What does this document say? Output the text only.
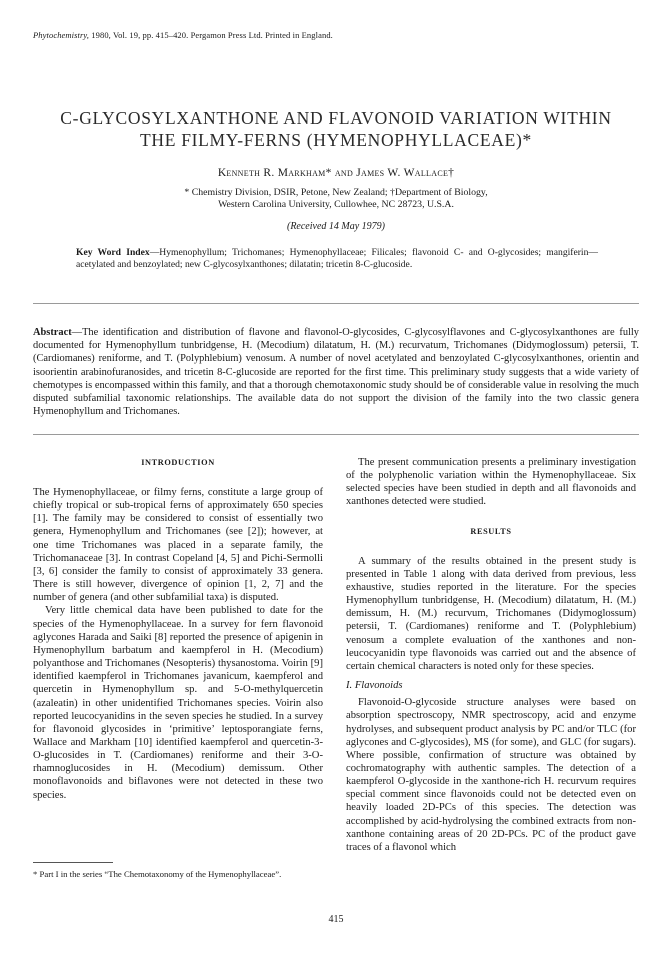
Phytochemistry, 1980, Vol. 19, pp. 415–420. Pergamon Press Ltd. Printed in England.
C-GLYCOSYLXANTHONE AND FLAVONOID VARIATION WITHIN
THE FILMY-FERNS (HYMENOPHYLLACEAE)*
Kenneth R. Markham* and James W. Wallace†
* Chemistry Division, DSIR, Petone, New Zealand; †Department of Biology,
Western Carolina University, Cullowhee, NC 28723, U.S.A.
(Received 14 May 1979)
Key Word Index—Hymenophyllum; Trichomanes; Hymenophyllaceae; Filicales; flavonoid C- and O-glycosides; mangiferin—acetylated and benzoylated; new C-glycosylxanthones; dilatatin; tricetin 8-C-glucoside.
Abstract—The identification and distribution of flavone and flavonol-O-glycosides, C-glycosylflavones and C-glycosylxanthones are fully documented for Hymenophyllum tunbridgense, H. (Mecodium) dilatatum, H. (M.) recurvatum, Trichomanes (Didymoglossum) petersii, T. (Cardiomanes) reniforme, and T. (Polyphlebium) venosum. A number of novel acetylated and benzoylated C-glycosylxanthones, orientin and isoorientin arabinofuranosides, and tricetin 8-C-glucoside are reported for the first time. This preliminary study suggests that a wide variety of chemotypes is encompassed within this family, and that a thorough chemotaxonomic study should be of considerable value in resolving the much disputed subfamilial taxonomic relationships. The available data do not support the division of the family into the two classic genera Hymenophyllum and Trichomanes.
INTRODUCTION

The Hymenophyllaceae, or filmy ferns, constitute a large group of chiefly tropical or sub-tropical ferns of approximately 650 species [1]. The family may be considered to consist of essentially two genera, Hymenophyllum and Trichomanes (see [2]); however, at one time Trichomanes was placed in a separate family, the Trichomanaceae [3]. In contrast Copeland [4, 5] and Pichi-Sermolli [3, 6] consider the family to consist of approximately 33 genera. There is still however, divergence of opinion [1, 2, 7] and the number of genera (and other subfamilial taxa) is disputed.

Very little chemical data have been published to date for the species of the Hymenophyllaceae. In a survey for fern flavonoid aglycones Harada and Saiki [8] reported the presence of apigenin in Hymenophyllum barbatum and kaempferol in H. (Mecodium) polyanthose and Trichomanes (Nesopteris) thysanostoma. Voirin [9] identified kaempferol in Trichomanes javanicum, kaempferol and quercetin in Hymenophyllum sp. and 5-O-methylquercetin (azaleatin) in other unidentified Trichomanes species. Voirin also reported leucocyanidins in the seven species he studied. In a survey for flavonoid glycosides in ‘primitive’ leptosporangiate ferns, Wallace and Markham [10] identified kaempferol and quercetin-3-O-glucosides in T. (Cardiomanes) reniforme and their 3-O-rhamnoglucosides in H. (Mecodium) demissum. Other monoflavonoids and biflavones were not detected in these two species.

The present communication presents a preliminary investigation of the polyphenolic variation within the Hymenophyllaceae. Six selected species have been studied in depth and all flavonoids and xanthones detected were studied.

RESULTS

A summary of the results obtained in the present study is presented in Table 1 along with data derived from previous, less exhaustive, studies reported in the literature. For the species Hymenophyllum tunbridgense, H. (Mecodium) dilatatum, H. (M.) demissum, H. (M.) recurvum, Trichomanes (Didymoglossum) petersii, T. (Cardiomanes) reniforme and T. (Polyphlebium) venosum a complete evaluation of the xanthones and non-leucocyanidin type flavonoids was carried out and the absence of certain chemical characters is noted only for these species.

I. Flavonoids

Flavonoid-O-glycoside structure analyses were based on absorption spectroscopy, NMR spectroscopy, acid and enzyme hydrolyses, and subsequent product analysis by PC and/or TLC (for aglycones and C-glycosides), MS (for some), and GLC (for sugars). Where possible, confirmation of structure was obtained by cochromatography with authentic samples. The detection of a kaempferol O-glycoside in the xanthone-rich H. recurvum requires special comment since flavonoids could not be detected even on heavily loaded 2D-PCs of this species. The detection was accomplished by acid-hydrolysing the combined extracts from non-xanthone containing areas of 20 2D-PCs. PC of the product gave traces of a flavonol which

* Part I in the series “The Chemotaxonomy of the Hymenophyllaceae”.
415
